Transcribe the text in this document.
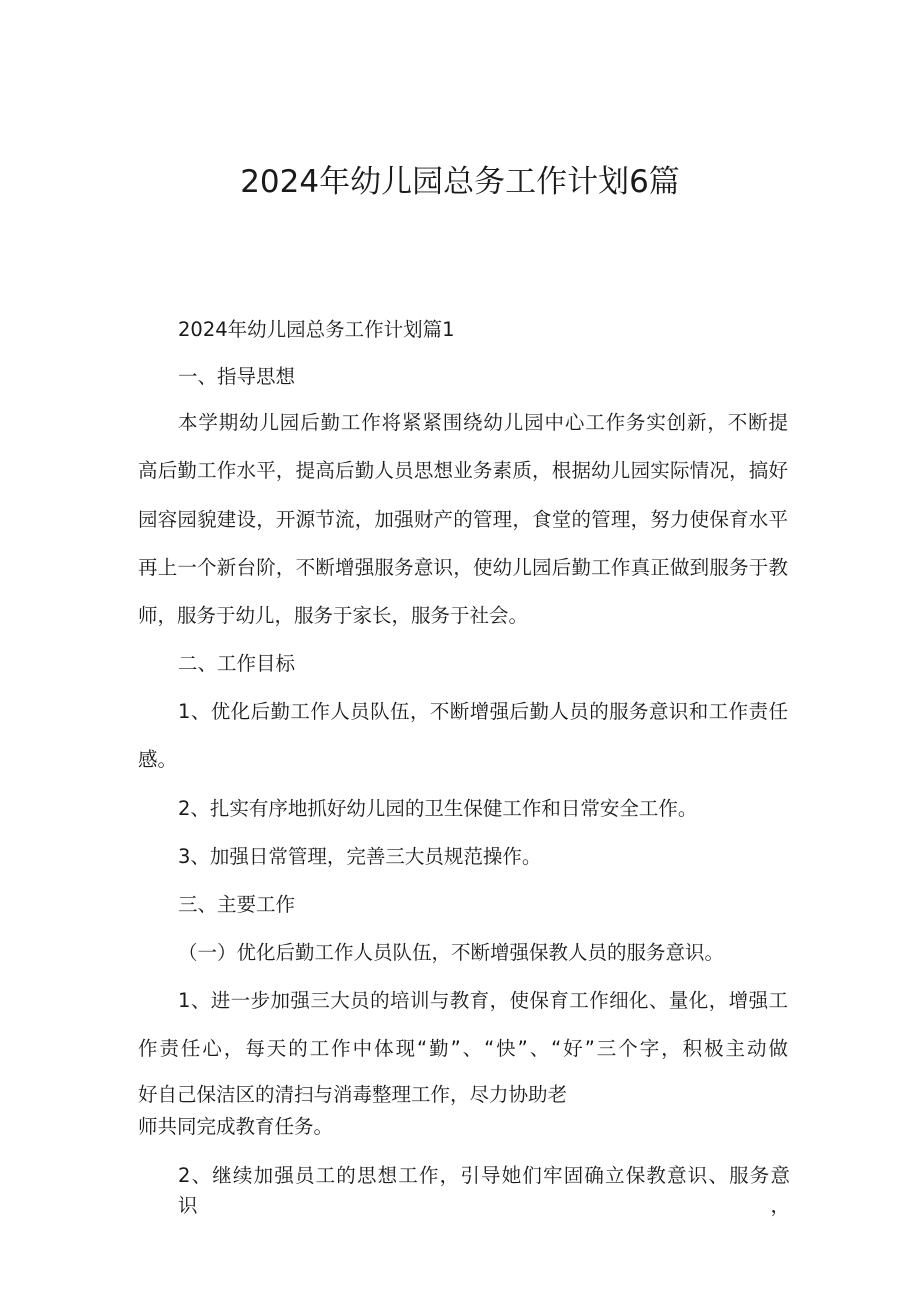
2024年幼儿园总务工作计划6篇
2024年幼儿园总务工作计划篇1
一、指导思想
本学期幼儿园后勤工作将紧紧围绕幼儿园中心工作务实创新，不断提
高后勤工作水平，提高后勤人员思想业务素质，根据幼儿园实际情况，搞好
园容园貌建设，开源节流，加强财产的管理，食堂的管理，努力使保育水平
再上一个新台阶，不断增强服务意识，使幼儿园后勤工作真正做到服务于教
师，服务于幼儿，服务于家长，服务于社会。
二、工作目标
1、优化后勤工作人员队伍，不断增强后勤人员的服务意识和工作责任
感。
2、扎实有序地抓好幼儿园的卫生保健工作和日常安全工作。
3、加强日常管理，完善三大员规范操作。
三、主要工作
（一）优化后勤工作人员队伍，不断增强保教人员的服务意识。
1、进一步加强三大员的培训与教育，使保育工作细化、量化，增强工
作责任心，每天的工作中体现“勤”、“快”、“好”三个字，积极主动做
好自己保洁区的清扫与消毒整理工作，尽力协助老
师共同完成教育任务。
2、继续加强员工的思想工作，引导她们牢固确立保教意识、服务意识，
